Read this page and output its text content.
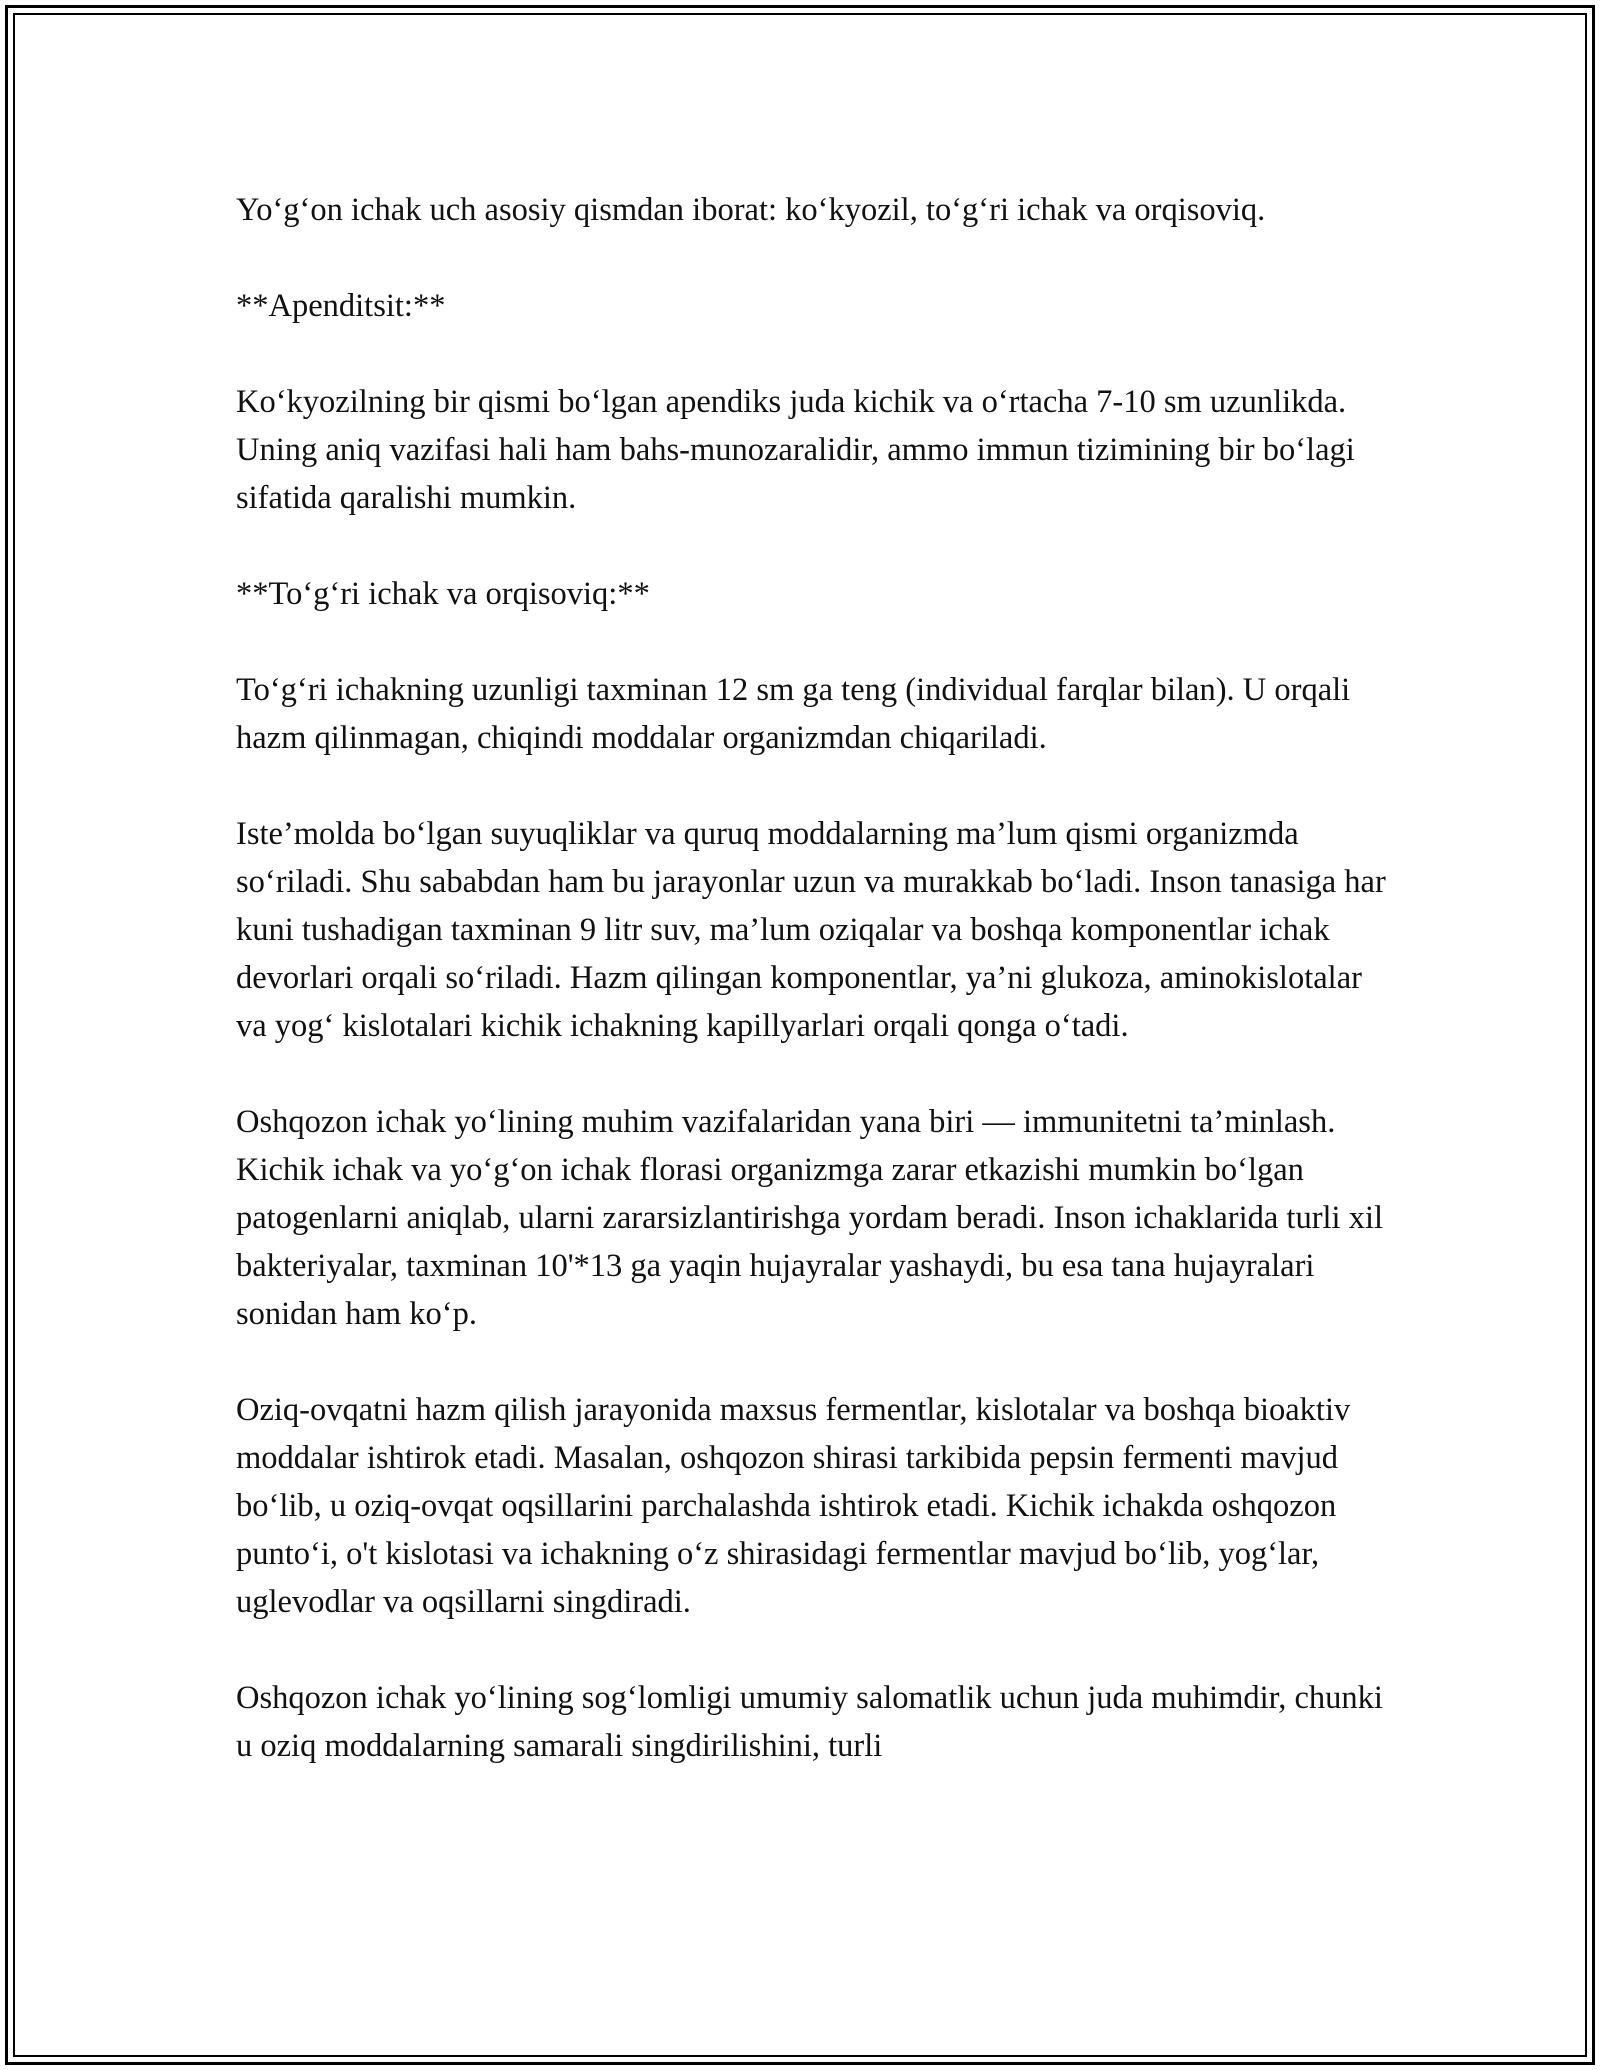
Yo‘g‘on ichak uch asosiy qismdan iborat: ko‘kyozil, to‘g‘ri ichak va orqisoviq.

**Apenditsit:**

Ko‘kyozilning bir qismi bo‘lgan apendiks juda kichik va o‘rtacha 7-10 sm uzunlikda. Uning aniq vazifasi hali ham bahs-munozaralidir, ammo immun tizimining bir bo‘lagi sifatida qaralishi mumkin.

**To‘g‘ri ichak va orqisoviq:**

To‘g‘ri ichakning uzunligi taxminan 12 sm ga teng (individual farqlar bilan). U orqali hazm qilinmagan, chiqindi moddalar organizmdan chiqariladi.

Iste’molda bo‘lgan suyuqliklar va quruq moddalarning ma’lum qismi organizmda so‘riladi. Shu sababdan ham bu jarayonlar uzun va murakkab bo‘ladi. Inson tanasiga har kuni tushadigan taxminan 9 litr suv, ma’lum oziqalar va boshqa komponentlar ichak devorlari orqali so‘riladi. Hazm qilingan komponentlar, ya’ni glukoza, aminokislotalar va yog‘ kislotalari kichik ichakning kapillyarlari orqali qonga o‘tadi.

Oshqozon ichak yo‘lining muhim vazifalaridan yana biri — immunitetni ta’minlash. Kichik ichak va yo‘g‘on ichak florasi organizmga zarar etkazishi mumkin bo‘lgan patogenlarni aniqlab, ularni zararsizlantirishga yordam beradi. Inson ichaklarida turli xil bakteriyalar, taxminan 10'*13 ga yaqin hujayralar yashaydi, bu esa tana hujayralari sonidan ham ko‘p.

Oziq-ovqatni hazm qilish jarayonida maxsus fermentlar, kislotalar va boshqa bioaktiv moddalar ishtirok etadi. Masalan, oshqozon shirasi tarkibida pepsin fermenti mavjud bo‘lib, u oziq-ovqat oqsillarini parchalashda ishtirok etadi. Kichik ichakda oshqozon punto‘i, o't kislotasi va ichakning o‘z shirasidagi fermentlar mavjud bo‘lib, yog‘lar, uglevodlar va oqsillarni singdiradi.

Oshqozon ichak yo‘lining sog‘lomligi umumiy salomatlik uchun juda muhimdir, chunki u oziq moddalarning samarali singdirilishini, turli
